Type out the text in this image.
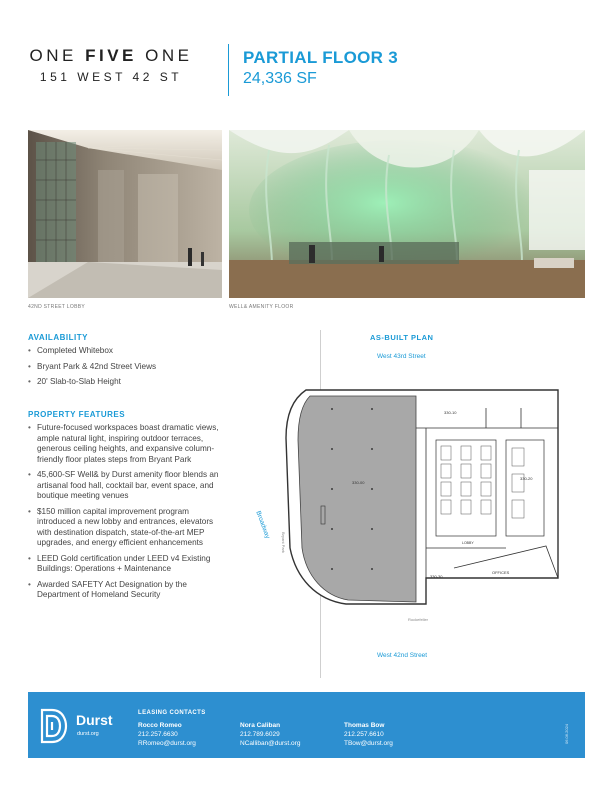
ONE FIVE ONE
151 WEST 42 ST
PARTIAL FLOOR 3
24,336 SF
42ND STREET LOBBY	WELL& AMENITY FLOOR
AVAILABILITY
• Completed Whitebox
• Bryant Park & 42nd Street Views
• 20' Slab-to-Slab Height
PROPERTY FEATURES
• Future-focused workspaces boast dramatic views, ample natural light, inspiring outdoor terraces, generous ceiling heights, and expansive column-friendly floor plates steps from Bryant Park
• 45,600-SF Well& by Durst amenity floor blends an artisanal food hall, cocktail bar, event space, and boutique meeting venues
• $150 million capital improvement program introduced a new lobby and entrances, elevators with destination dispatch, state-of-the-art MEP upgrades, and energy efficient enhancements
• LEED Gold certification under LEED v4 Existing Buildings: Operations + Maintenance
• Awarded SAFETY Act Designation by the Department of Homeland Security
AS-BUILT PLAN
West 43rd Street
West 42nd Street
330-10
330-20
330-30
330-00
OFFICES
LOBBY
Broadway
Bryant Park
Rockefeller
Durst
durst.org
LEASING CONTACTS
Rocco Romeo
212.257.6630
RRomeo@durst.org
Nora Caliban
212.789.6029
NCalliban@durst.org
Thomas Bow
212.257.6610
TBow@durst.org	06.06.2024
